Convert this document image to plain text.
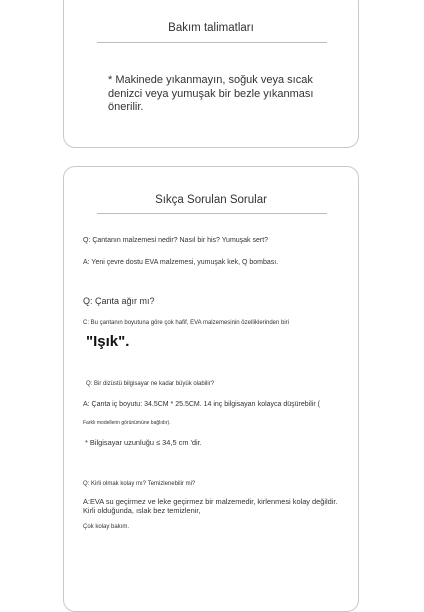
Bakım talimatları

* Makinede yıkanmayın, soğuk veya sıcak denizci veya yumuşak bir bezle yıkanması önerilir.

Sıkça Sorulan Sorular

Q: Çantanın malzemesi nedir? Nasıl bir his? Yumuşak sert?

A: Yeni çevre dostu EVA malzemesi, yumuşak kek, Q bombası.

Q: Çanta ağır mı?

C: Bu çantanın boyutuna göre çok hafif, EVA malzemesinin özelliklerinden biri

"Işık".

Q: Bir dizüstü bilgisayar ne kadar büyük olabilir?

A: Çanta iç boyutu: 34.5CM * 25.5CM. 14 inç bilgisayarı kolayca düşürebilir (

Farklı modellerin görünümüne bağlıdır).

* Bilgisayar uzunluğu ≤ 34,5 cm 'dir.

Q: Kirli olmak kolay mı? Temizlenebilir mi?

A:EVA su geçirmez ve leke geçirmez bir malzemedir, kirlenmesi kolay değildir. Kirli olduğunda, ıslak bez temizlenir,

Çok kolay bakım.
